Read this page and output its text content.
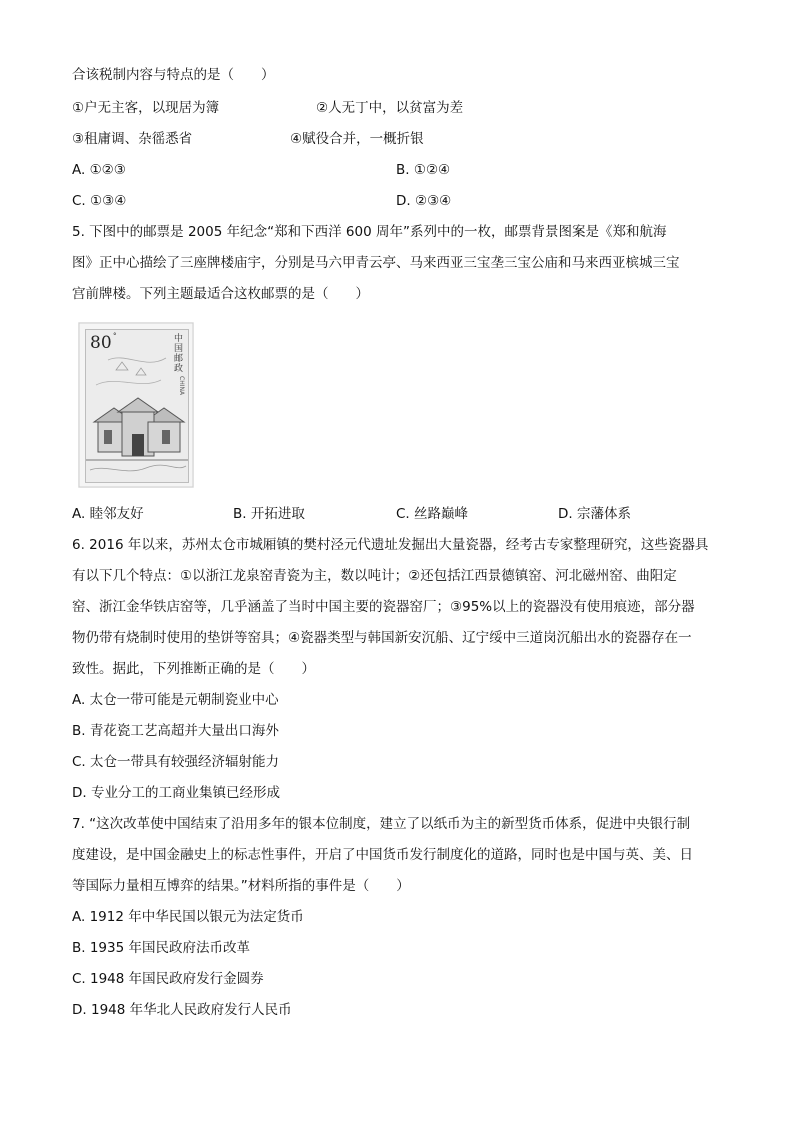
合该税制内容与特点的是（　　）
①户无主客，以现居为簿	②人无丁中，以贫富为差
③租庸调、杂徭悉省	④赋役合并，一概折银
A. ①②③	B. ①②④
C. ①③④	D. ②③④
5. 下图中的邮票是 2005 年纪念“郑和下西洋 600 周年”系列中的一枚，邮票背景图案是《郑和航海
图》正中心描绘了三座牌楼庙宇，分别是马六甲青云亭、马来西亚三宝垄三宝公庙和马来西亚槟城三宝
宫前牌楼。下列主题最适合这枚邮票的是（　　）
80 °	中国邮政
CHINA
A. 睦邻友好	B. 开拓进取	C. 丝路巅峰	D. 宗藩体系
6. 2016 年以来，苏州太仓市城厢镇的樊村泾元代遗址发掘出大量瓷器，经考古专家整理研究，这些瓷器具
有以下几个特点：①以浙江龙泉窑青瓷为主，数以吨计；②还包括江西景德镇窑、河北磁州窑、曲阳定
窑、浙江金华铁店窑等，几乎涵盖了当时中国主要的瓷器窑厂；③95%以上的瓷器没有使用痕迹，部分器
物仍带有烧制时使用的垫饼等窑具；④瓷器类型与韩国新安沉船、辽宁绥中三道岗沉船出水的瓷器存在一
致性。据此，下列推断正确的是（　　）
A. 太仓一带可能是元朝制瓷业中心
B. 青花瓷工艺高超并大量出口海外
C. 太仓一带具有较强经济辐射能力
D. 专业分工的工商业集镇已经形成
7. “这次改革使中国结束了沿用多年的银本位制度，建立了以纸币为主的新型货币体系，促进中央银行制
度建设，是中国金融史上的标志性事件，开启了中国货币发行制度化的道路，同时也是中国与英、美、日
等国际力量相互博弈的结果。”材料所指的事件是（　　）
A. 1912 年中华民国以银元为法定货币
B. 1935 年国民政府法币改革
C. 1948 年国民政府发行金圆券
D. 1948 年华北人民政府发行人民币
